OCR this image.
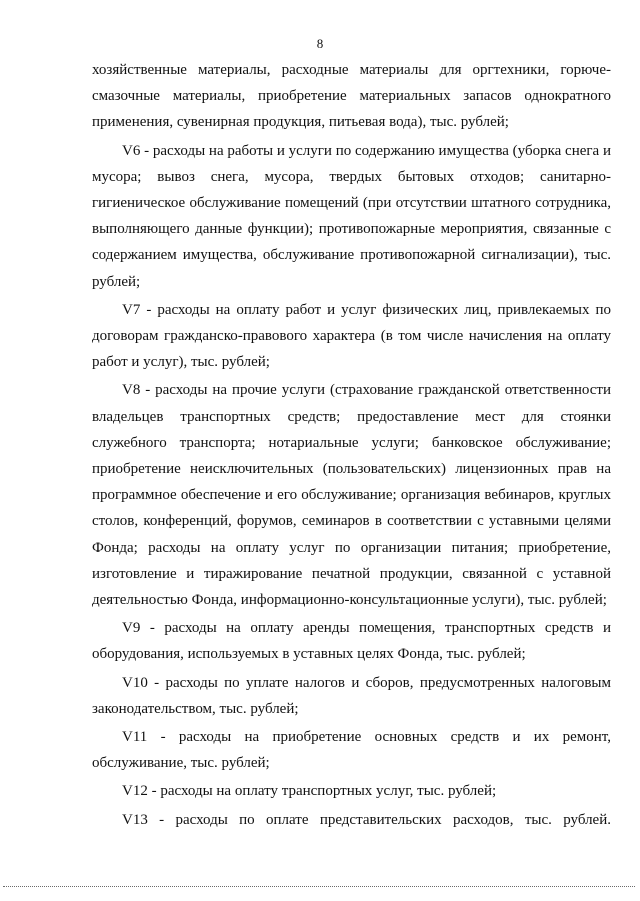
8

хозяйственные материалы, расходные материалы для оргтехники, горюче-смазочные материалы, приобретение материальных запасов однократного применения, сувенирная продукция, питьевая вода), тыс. рублей;

V6 - расходы на работы и услуги по содержанию имущества (уборка снега и мусора; вывоз снега, мусора, твердых бытовых отходов; санитарно-гигиеническое обслуживание помещений (при отсутствии штатного сотрудника, выполняющего данные функции); противопожарные мероприятия, связанные с содержанием имущества, обслуживание противопожарной сигнализации), тыс. рублей;

V7 - расходы на оплату работ и услуг физических лиц, привлекаемых по договорам гражданско-правового характера (в том числе начисления на оплату работ и услуг), тыс. рублей;

V8 - расходы на прочие услуги (страхование гражданской ответственности владельцев транспортных средств; предоставление мест для стоянки служебного транспорта; нотариальные услуги; банковское обслуживание; приобретение неисключительных (пользовательских) лицензионных прав на программное обеспечение и его обслуживание; организация вебинаров, круглых столов, конференций, форумов, семинаров в соответствии с уставными целями Фонда; расходы на оплату услуг по организации питания; приобретение, изготовление и тиражирование печатной продукции, связанной с уставной деятельностью Фонда, информационно-консультационные услуги), тыс. рублей;

V9 - расходы на оплату аренды помещения, транспортных средств и оборудования, используемых в уставных целях Фонда, тыс. рублей;

V10 - расходы по уплате налогов и сборов, предусмотренных налоговым законодательством, тыс. рублей;

V11 - расходы на приобретение основных средств и их ремонт, обслуживание, тыс. рублей;

V12 - расходы на оплату транспортных услуг, тыс. рублей;

V13 - расходы по оплате представительских расходов, тыс. рублей.
